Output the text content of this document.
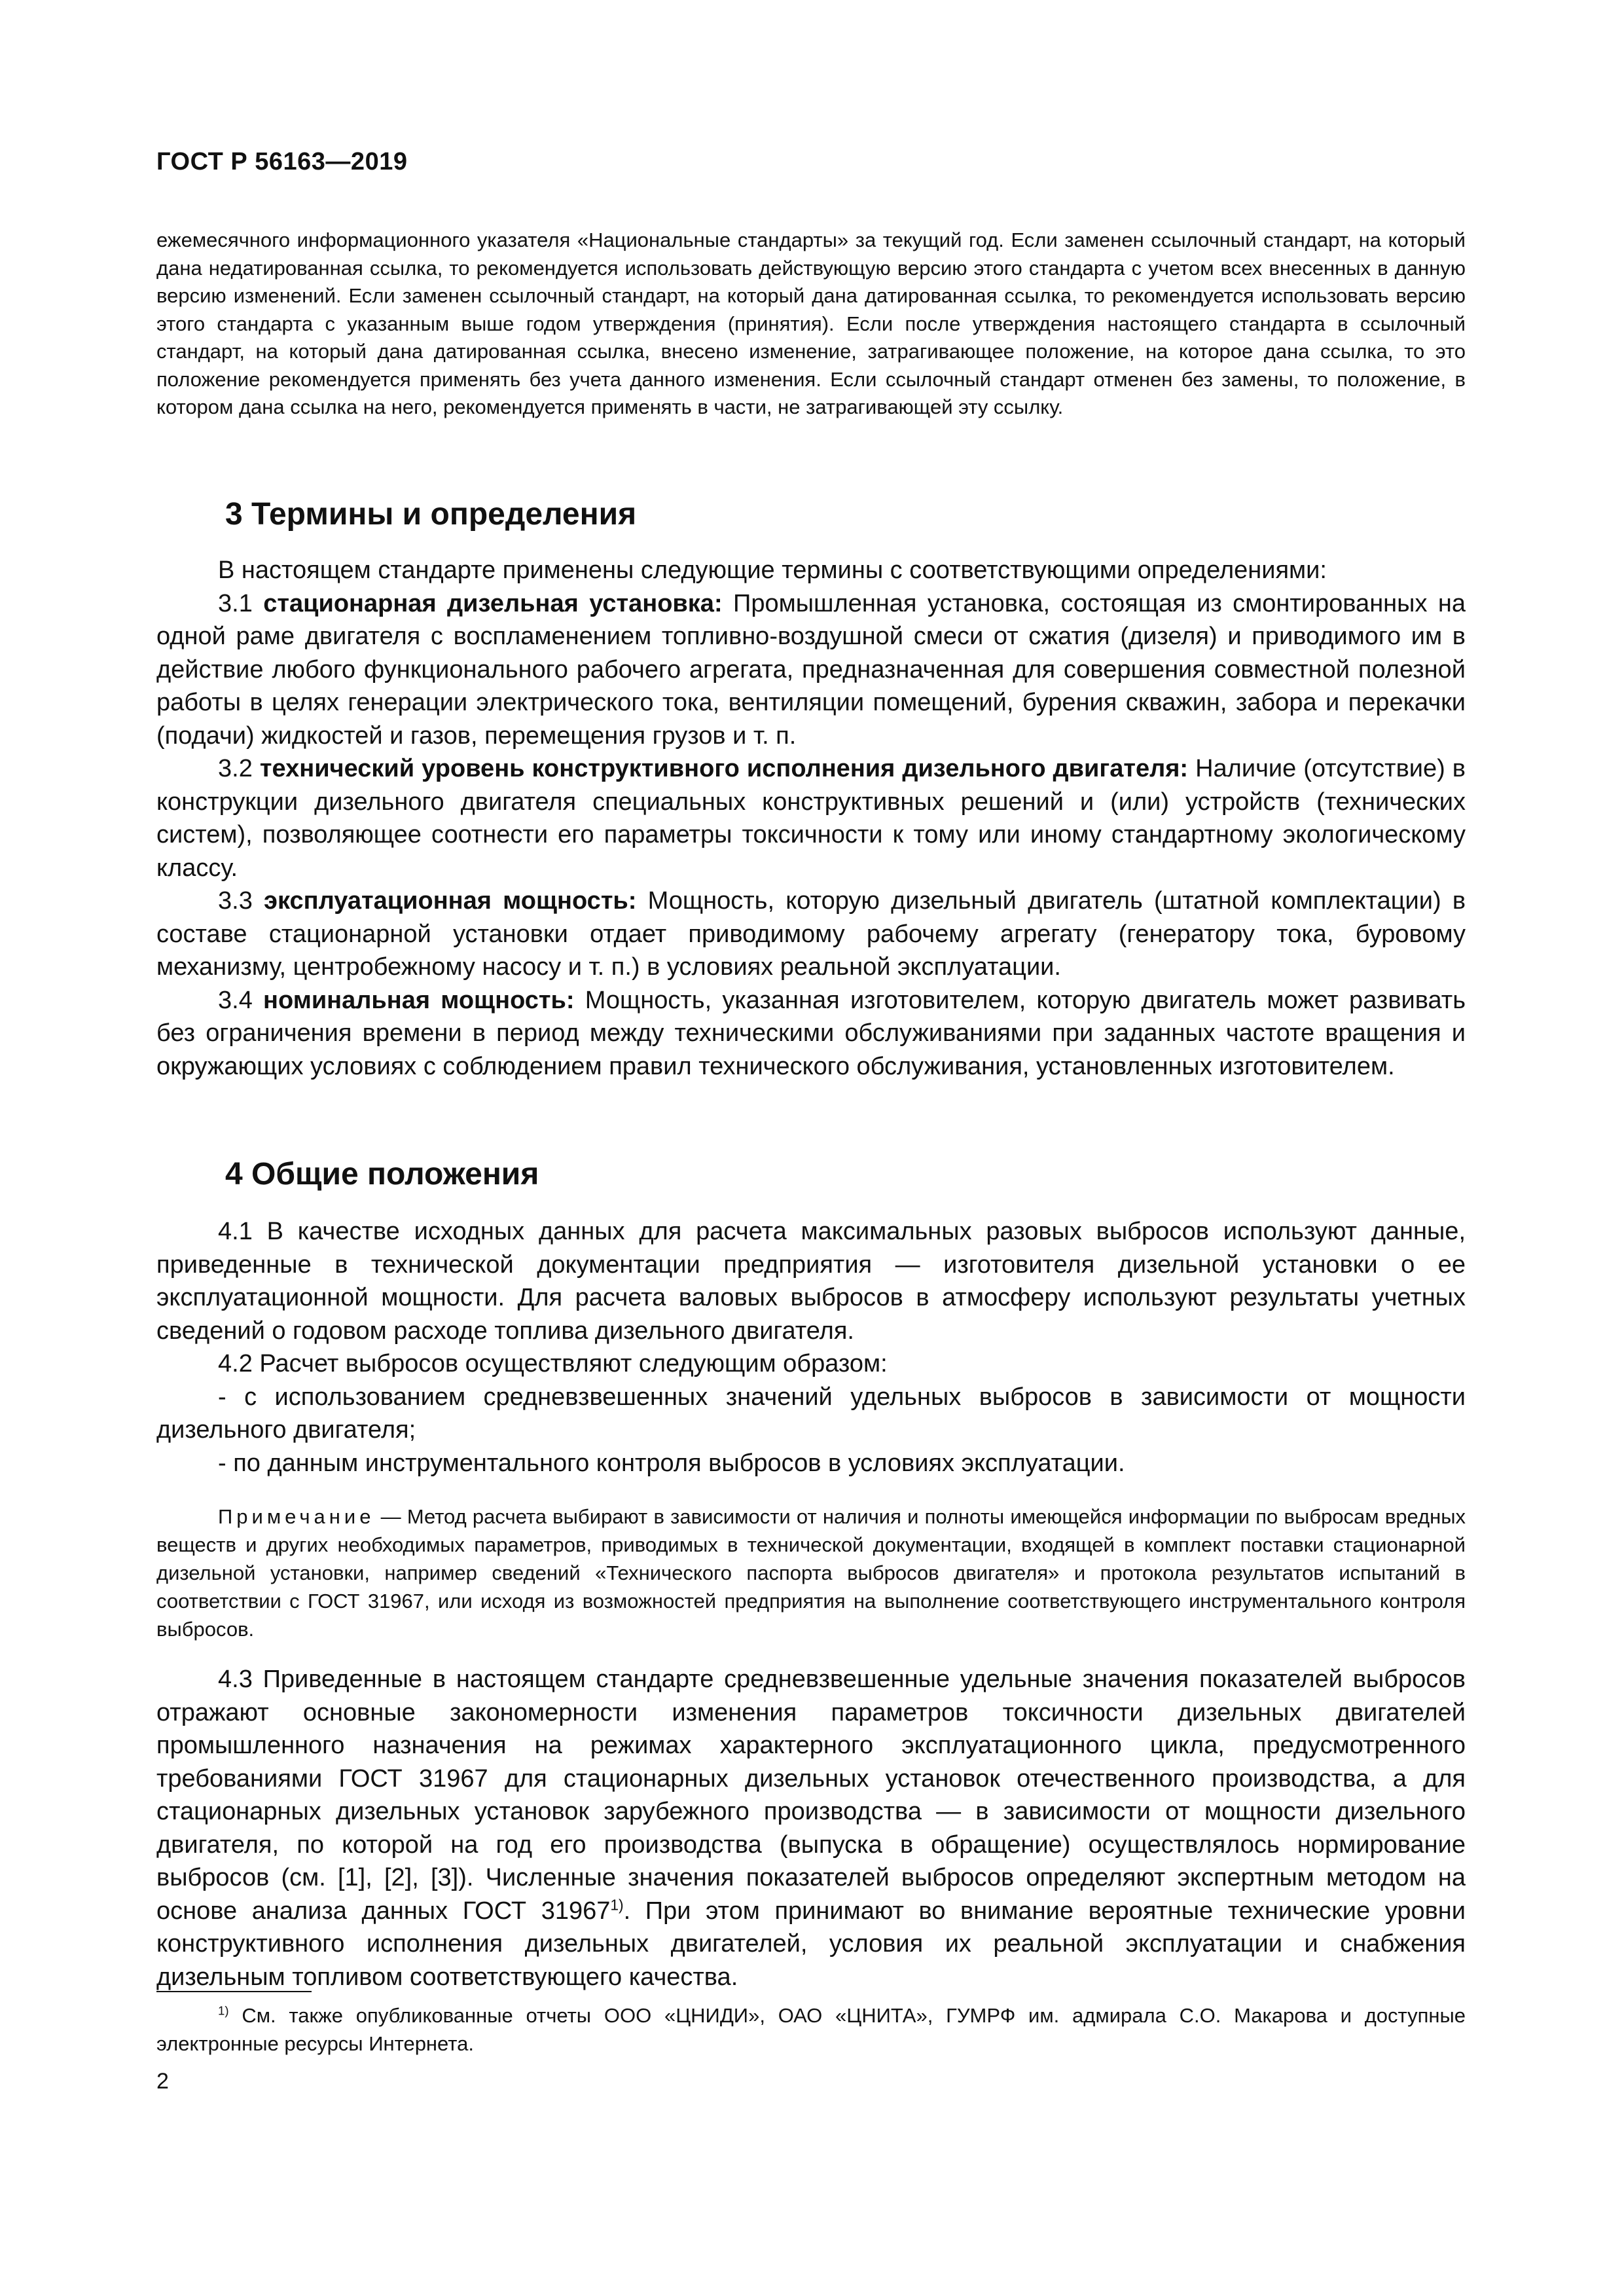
ГОСТ Р 56163—2019

ежемесячного информационного указателя «Национальные стандарты» за текущий год. Если заменен ссылочный стандарт, на который дана недатированная ссылка, то рекомендуется использовать действующую версию этого стандарта с учетом всех внесенных в данную версию изменений. Если заменен ссылочный стандарт, на который дана датированная ссылка, то рекомендуется использовать версию этого стандарта с указанным выше годом утверждения (принятия). Если после утверждения настоящего стандарта в ссылочный стандарт, на который дана датированная ссылка, внесено изменение, затрагивающее положение, на которое дана ссылка, то это положение рекомендуется применять без учета данного изменения. Если ссылочный стандарт отменен без замены, то положение, в котором дана ссылка на него, рекомендуется применять в части, не затрагивающей эту ссылку.

3 Термины и определения

В настоящем стандарте применены следующие термины с соответствующими определениями:

3.1 стационарная дизельная установка: Промышленная установка, состоящая из смонтированных на одной раме двигателя с воспламенением топливно-воздушной смеси от сжатия (дизеля) и приводимого им в действие любого функционального рабочего агрегата, предназначенная для совершения совместной полезной работы в целях генерации электрического тока, вентиляции помещений, бурения скважин, забора и перекачки (подачи) жидкостей и газов, перемещения грузов и т. п.

3.2 технический уровень конструктивного исполнения дизельного двигателя: Наличие (отсутствие) в конструкции дизельного двигателя специальных конструктивных решений и (или) устройств (технических систем), позволяющее соотнести его параметры токсичности к тому или иному стандартному экологическому классу.

3.3 эксплуатационная мощность: Мощность, которую дизельный двигатель (штатной комплектации) в составе стационарной установки отдает приводимому рабочему агрегату (генератору тока, буровому механизму, центробежному насосу и т. п.) в условиях реальной эксплуатации.

3.4 номинальная мощность: Мощность, указанная изготовителем, которую двигатель может развивать без ограничения времени в период между техническими обслуживаниями при заданных частоте вращения и окружающих условиях с соблюдением правил технического обслуживания, установленных изготовителем.

4 Общие положения

4.1 В качестве исходных данных для расчета максимальных разовых выбросов используют данные, приведенные в технической документации предприятия — изготовителя дизельной установки о ее эксплуатационной мощности. Для расчета валовых выбросов в атмосферу используют результаты учетных сведений о годовом расходе топлива дизельного двигателя.

4.2 Расчет выбросов осуществляют следующим образом:

- с использованием средневзвешенных значений удельных выбросов в зависимости от мощности дизельного двигателя;

- по данным инструментального контроля выбросов в условиях эксплуатации.

Примечание — Метод расчета выбирают в зависимости от наличия и полноты имеющейся информации по выбросам вредных веществ и других необходимых параметров, приводимых в технической документации, входящей в комплект поставки стационарной дизельной установки, например сведений «Технического паспорта выбросов двигателя» и протокола результатов испытаний в соответствии с ГОСТ 31967, или исходя из возможностей предприятия на выполнение соответствующего инструментального контроля выбросов.

4.3 Приведенные в настоящем стандарте средневзвешенные удельные значения показателей выбросов отражают основные закономерности изменения параметров токсичности дизельных двигателей промышленного назначения на режимах характерного эксплуатационного цикла, предусмотренного требованиями ГОСТ 31967 для стационарных дизельных установок отечественного производства, а для стационарных дизельных установок зарубежного производства — в зависимости от мощности дизельного двигателя, по которой на год его производства (выпуска в обращение) осуществлялось нормирование выбросов (см. [1], [2], [3]). Численные значения показателей выбросов определяют экспертным методом на основе анализа данных ГОСТ 31967$^{1)}$. При этом принимают во внимание вероятные технические уровни конструктивного исполнения дизельных двигателей, условия их реальной эксплуатации и снабжения дизельным топливом соответствующего качества.

$^{1)}$ См. также опубликованные отчеты ООО «ЦНИДИ», ОАО «ЦНИТА», ГУМРФ им. адмирала С.О. Макарова и доступные электронные ресурсы Интернета.

2
